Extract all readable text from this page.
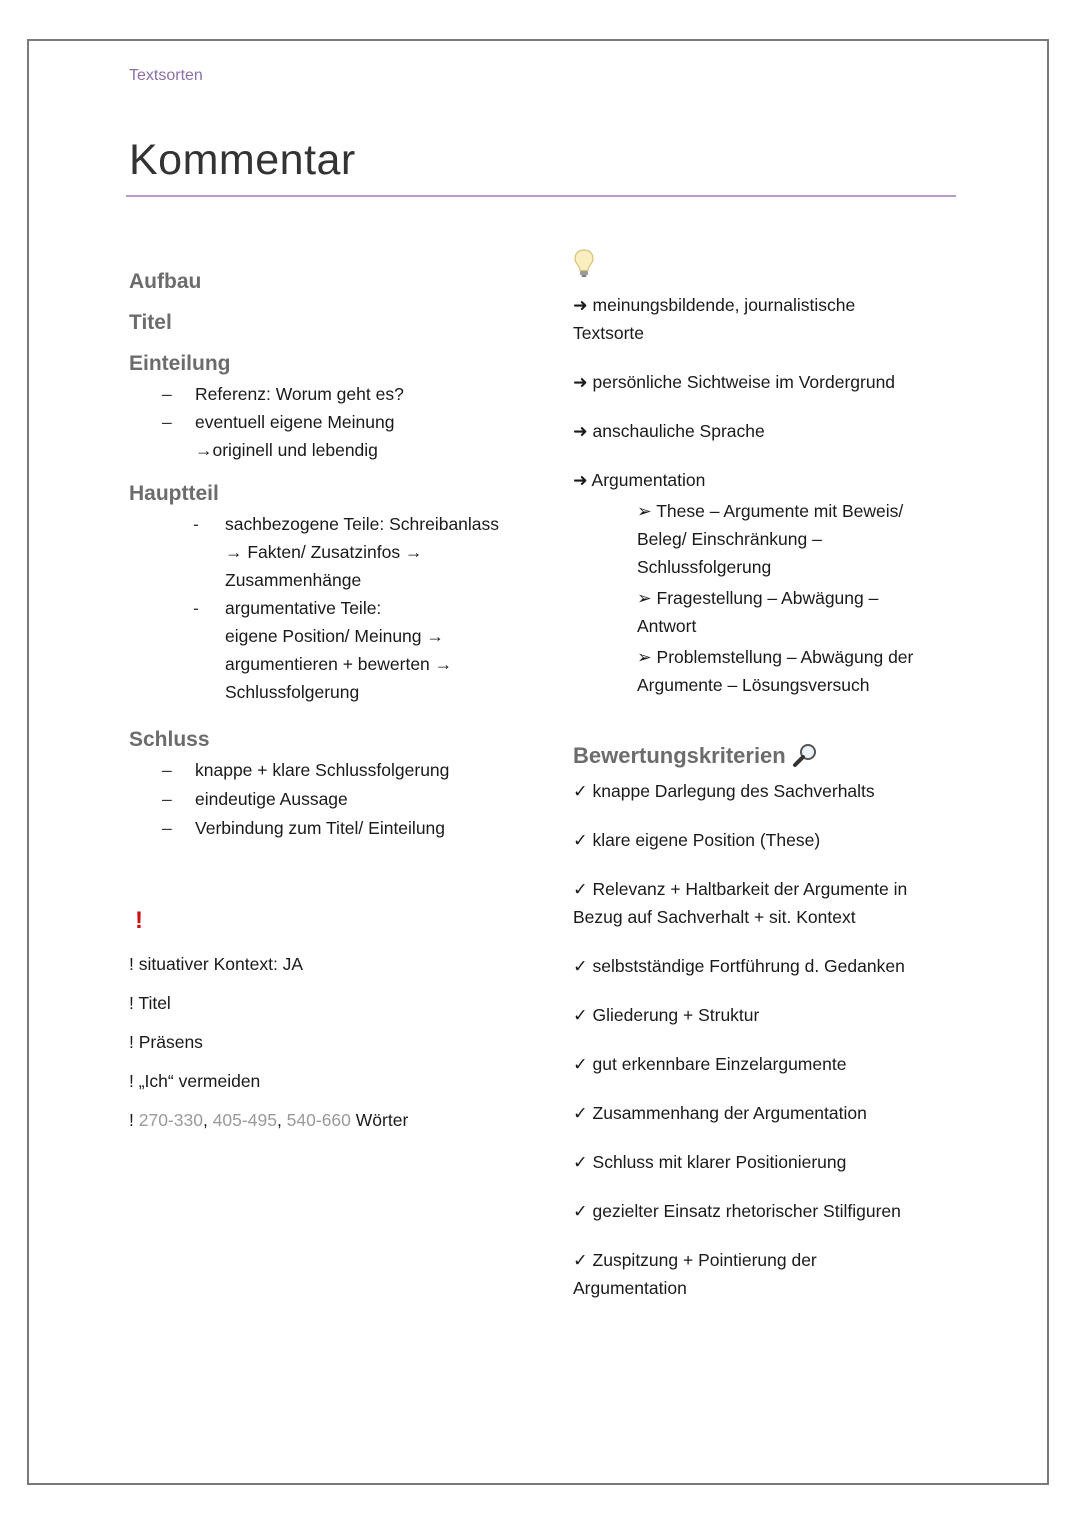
Textsorten
Kommentar
Aufbau
Titel
Einteilung
– Referenz: Worum geht es?
– eventuell eigene Meinung
→originell und lebendig
Hauptteil
- sachbezogene Teile: Schreibanlass
→ Fakten/ Zusatzinfos →
Zusammenhänge
- argumentative Teile:
eigene Position/ Meinung →
argumentieren + bewerten →
Schlussfolgerung
Schluss
– knappe + klare Schlussfolgerung
– eindeutige Aussage
– Verbindung zum Titel/ Einteilung
!
! situativer Kontext: JA
! Titel
! Präsens
! „Ich“ vermeiden
! 270-330, 405-495, 540-660 Wörter

➜ meinungsbildende, journalistische

Textsorte

➜ persönliche Sichtweise im Vordergrund

➜ anschauliche Sprache

➜ Argumentation

➢ These – Argumente mit Beweis/

Beleg/ Einschränkung –

Schlussfolgerung

➢ Fragestellung – Abwägung –

Antwort

➢ Problemstellung – Abwägung der

Argumente – Lösungsversuch

Bewertungskriterien

✓ knappe Darlegung des Sachverhalts

✓ klare eigene Position (These)

✓ Relevanz + Haltbarkeit der Argumente in

Bezug auf Sachverhalt + sit. Kontext

✓ selbstständige Fortführung d. Gedanken

✓ Gliederung + Struktur

✓ gut erkennbare Einzelargumente

✓ Zusammenhang der Argumentation

✓ Schluss mit klarer Positionierung

✓ gezielter Einsatz rhetorischer Stilfiguren

✓ Zuspitzung + Pointierung der

Argumentation
